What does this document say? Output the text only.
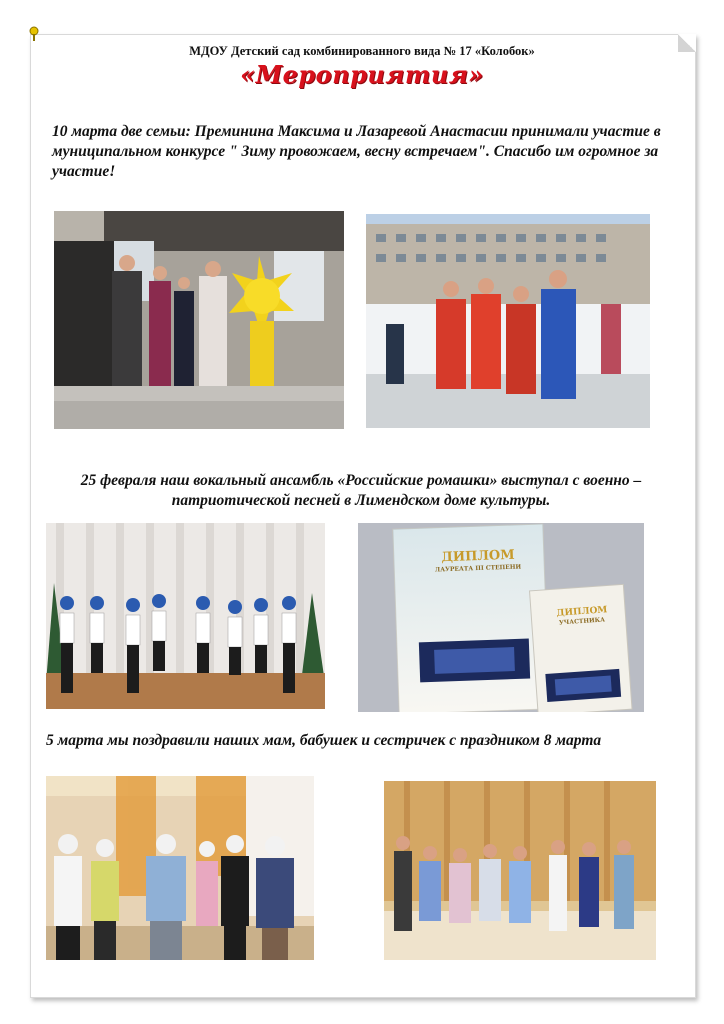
МДОУ Детский сад комбинированного вида № 17 «Колобок»
«Мероприятия»
10 марта две семьи: Преминина Максима и Лазаревой Анастасии принимали участие в муниципальном конкурсе " Зиму провожаем, весну встречаем". Спасибо им огромное за участие!
25 февраля наш вокальный ансамбль «Российские ромашки» выступал с военно – патриотической песней в Лимендском доме культуры.
ДИПЛОМ
ЛАУРЕАТА III СТЕПЕНИ
ДИПЛОМ
УЧАСТНИКА
5 марта мы поздравили наших мам, бабушек и сестричек с праздником 8 марта
